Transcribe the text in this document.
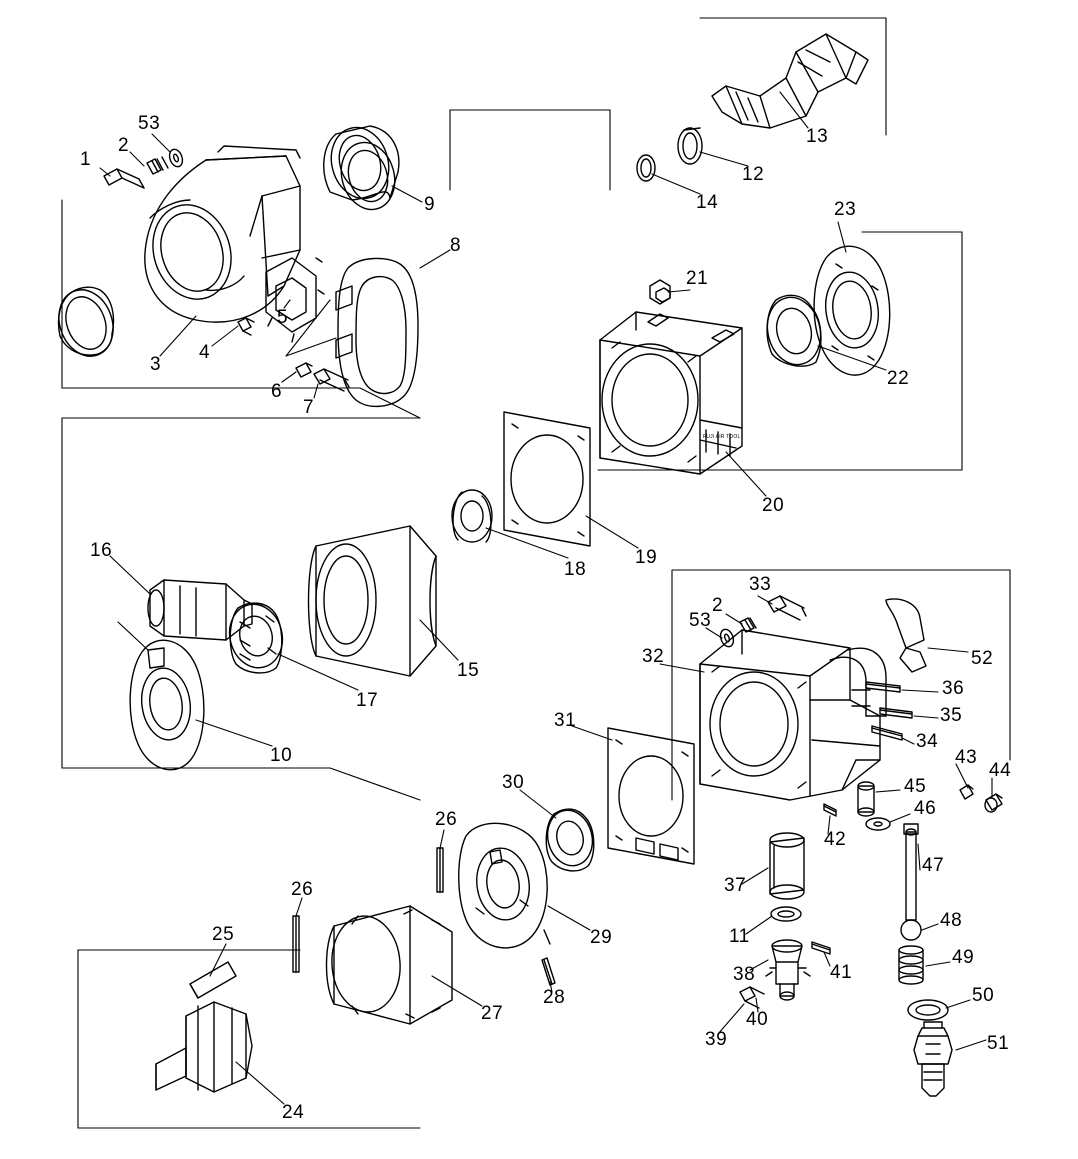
1
2
53
9
13
12
14
8
5
4
3
6
7
21
23
22
20
19
18
16
15
17
10
33
2
53
52
32
36
35
34
31
43
44
30	45
46
42
26
26	37
47
29	11
48
49
25
28
38	41
40
39
50
27
51
24
FUJI AIR TOOL
